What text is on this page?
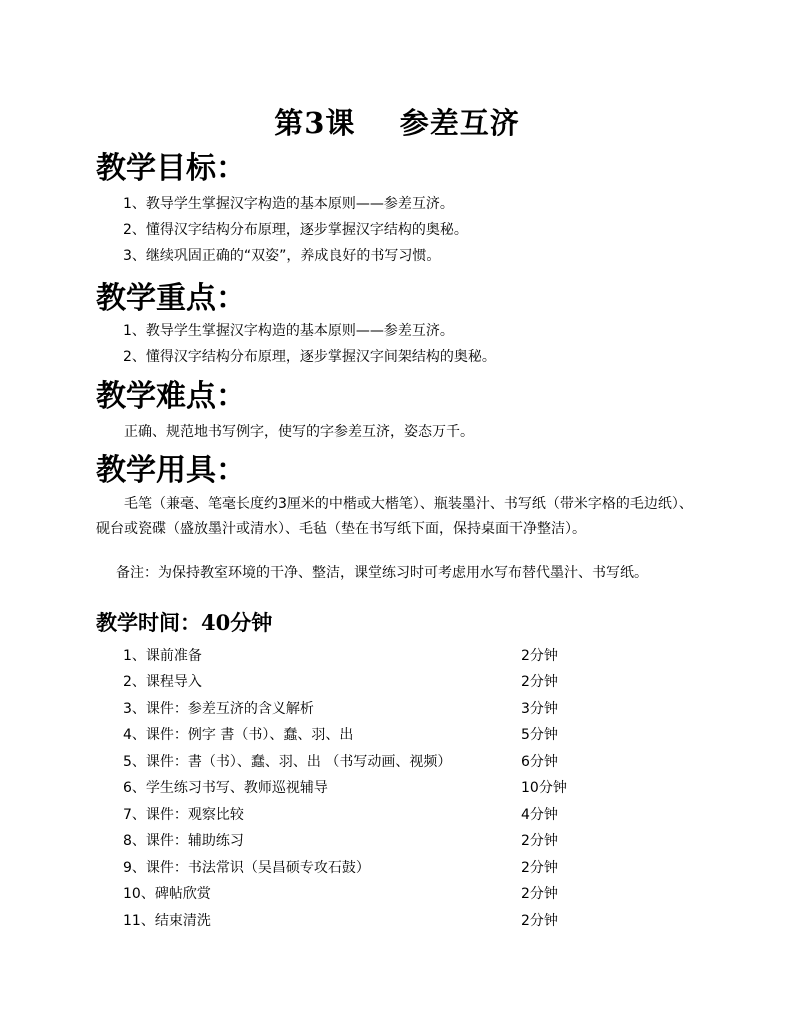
第3课    参差互济
教学目标：
1、教导学生掌握汉字构造的基本原则——参差互济。
2、懂得汉字结构分布原理，逐步掌握汉字结构的奥秘。
3、继续巩固正确的“双姿”，养成良好的书写习惯。
教学重点：
1、教导学生掌握汉字构造的基本原则——参差互济。
2、懂得汉字结构分布原理，逐步掌握汉字间架结构的奥秘。
教学难点：
正确、规范地书写例字，使写的字参差互济，姿态万千。
教学用具：
毛笔（兼毫、笔毫长度约3厘米的中楷或大楷笔）、瓶装墨汁、书写纸（带米字格的毛边纸）、砚台或瓷碟（盛放墨汁或清水）、毛毡（垫在书写纸下面，保持桌面干净整洁）。
备注：为保持教室环境的干净、整洁，课堂练习时可考虑用水写布替代墨汁、书写纸。
教学时间：40分钟
1、课前准备	2分钟
2、课程导入	2分钟
3、课件：参差互济的含义解析	3分钟
4、课件：例字 書（书）、蠢、羽、出	5分钟
5、课件：書（书）、蠢、羽、出 （书写动画、视频）	6分钟
6、学生练习书写、教师巡视辅导	10分钟
7、课件：观察比较	4分钟
8、课件：辅助练习	2分钟
9、课件：书法常识（吴昌硕专攻石鼓）	2分钟
10、碑帖欣赏	2分钟
11、结束清洗	2分钟
